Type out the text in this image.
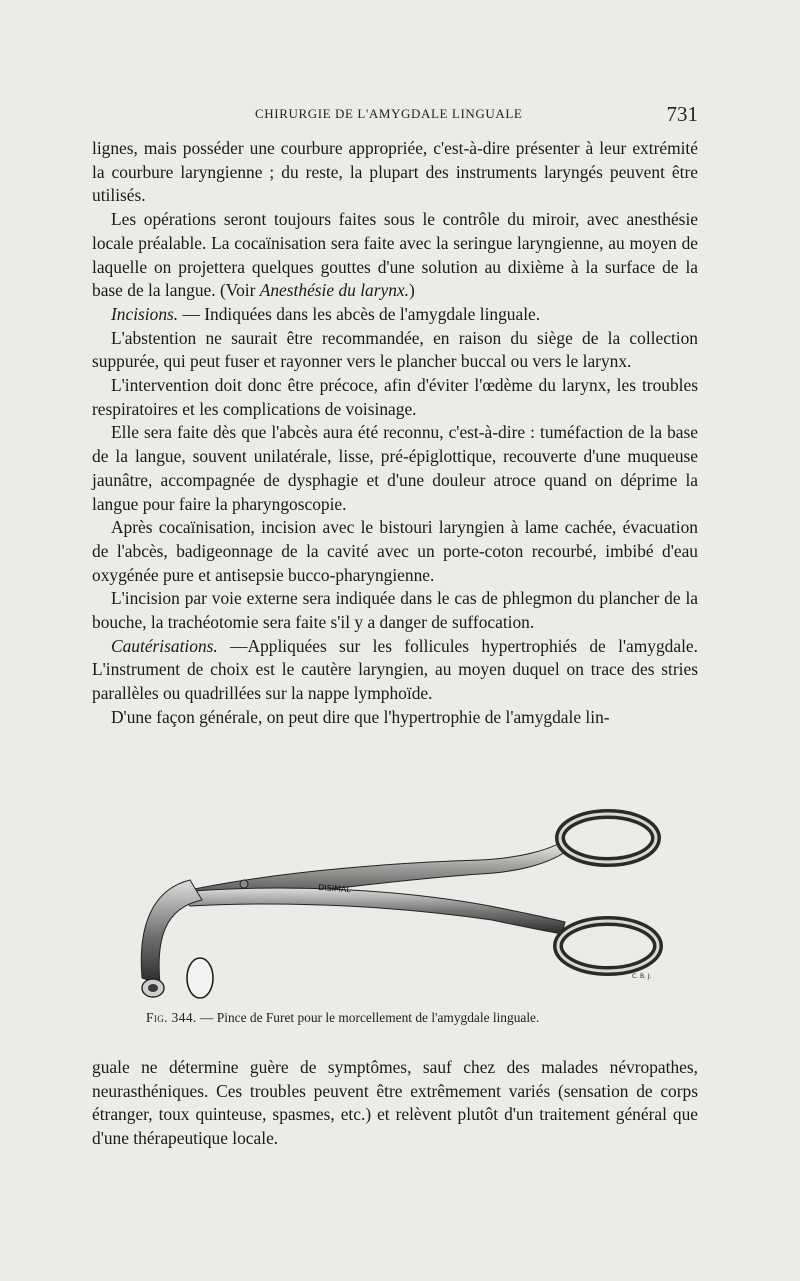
CHIRURGIE DE L'AMYGDALE LINGUALE	731

lignes, mais posséder une courbure appropriée, c'est-à-dire présenter à leur extrémité la courbure laryngienne ; du reste, la plupart des instruments laryngés peuvent être utilisés.

Les opérations seront toujours faites sous le contrôle du miroir, avec anesthésie locale préalable. La cocaïnisation sera faite avec la seringue laryngienne, au moyen de laquelle on projettera quelques gouttes d'une solution au dixième à la surface de la base de la langue. (Voir Anesthésie du larynx.)

Incisions. — Indiquées dans les abcès de l'amygdale linguale.

L'abstention ne saurait être recommandée, en raison du siège de la collection suppurée, qui peut fuser et rayonner vers le plancher buccal ou vers le larynx.

L'intervention doit donc être précoce, afin d'éviter l'œdème du larynx, les troubles respiratoires et les complications de voisinage.

Elle sera faite dès que l'abcès aura été reconnu, c'est-à-dire : tuméfaction de la base de la langue, souvent unilatérale, lisse, pré-épiglottique, recouverte d'une muqueuse jaunâtre, accompagnée de dysphagie et d'une douleur atroce quand on déprime la langue pour faire la pharyngoscopie.

Après cocaïnisation, incision avec le bistouri laryngien à lame cachée, évacuation de l'abcès, badigeonnage de la cavité avec un porte-coton recourbé, imbibé d'eau oxygénée pure et antisepsie bucco-pharyngienne.

L'incision par voie externe sera indiquée dans le cas de phlegmon du plancher de la bouche, la trachéotomie sera faite s'il y a danger de suffocation.

Cautérisations. —Appliquées sur les follicules hypertrophiés de l'amygdale. L'instrument de choix est le cautère laryngien, au moyen duquel on trace des stries parallèles ou quadrillées sur la nappe lymphoïde.

D'une façon générale, on peut dire que l'hypertrophie de l'amygdale lin-

DISIMAL
C. B. J.
Fig. 344. — Pince de Furet pour le morcellement de l'amygdale linguale.

guale ne détermine guère de symptômes, sauf chez des malades névropathes, neurasthéniques. Ces troubles peuvent être extrêmement variés (sensation de corps étranger, toux quinteuse, spasmes, etc.) et relèvent plutôt d'un traitement général que d'une thérapeutique locale.
